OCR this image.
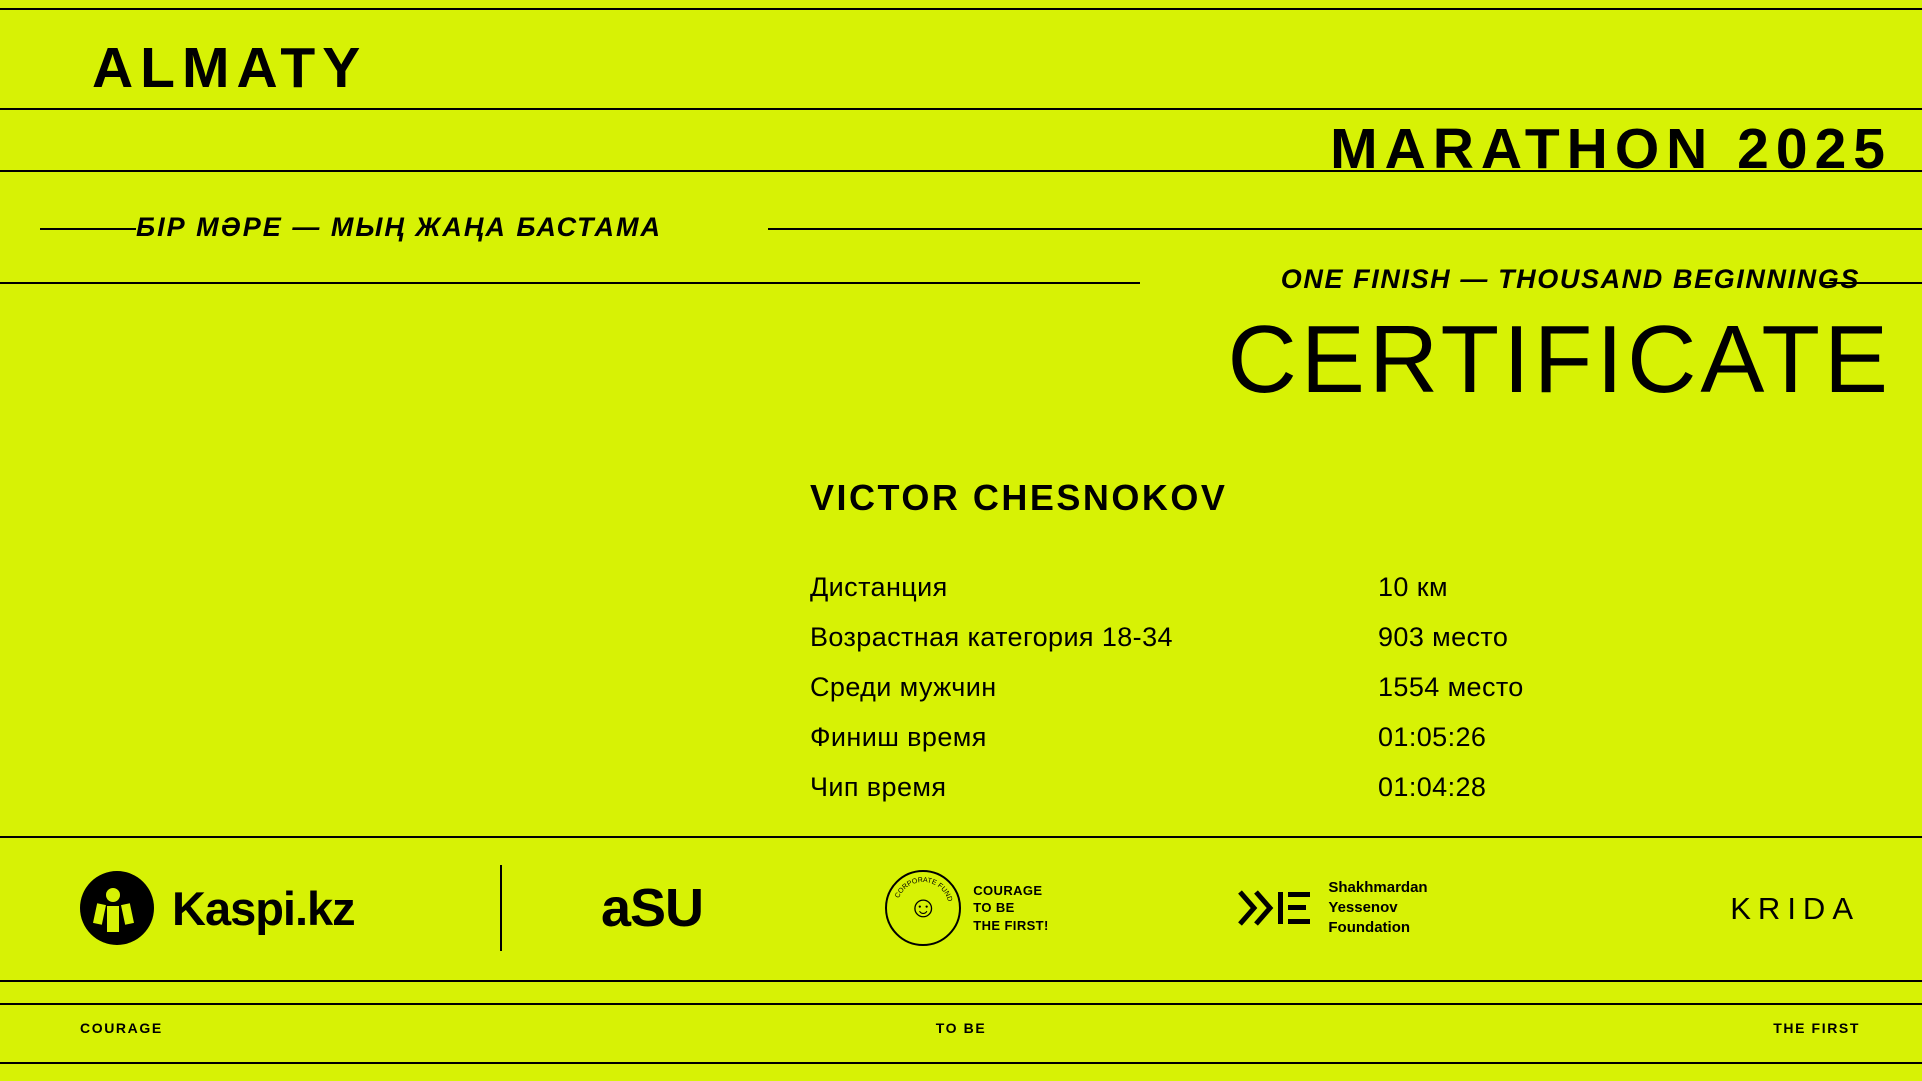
ALMATY
MARATHON 2025
БІР МӘРЕ — МЫҢ ЖАҢА БАСТАМА
ONE FINISH — THOUSAND BEGINNINGS
CERTIFICATE
VICTOR CHESNOKOV
Дистанция	10 км
Возрастная категория 18-34	903 место
Среди мужчин	1554 место
Финиш время	01:05:26
Чип время	01:04:28
Kaspi.kz	aSU	CORPORATE FUND
☺
COURAGE
TO BE
THE FIRST!
Shakhmardan
Yessenov
Foundation
KRIDA
COURAGE	TO BE	THE FIRST
